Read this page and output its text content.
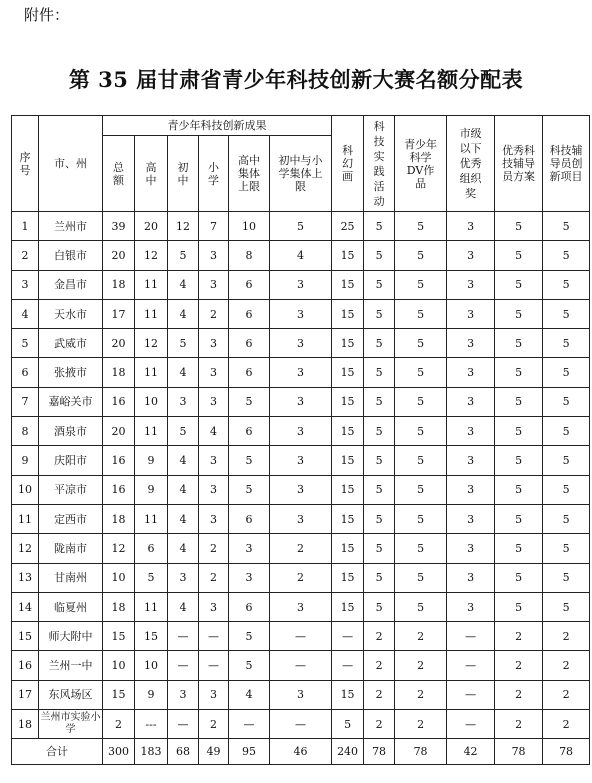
附件：
第 35 届甘肃省青少年科技创新大赛名额分配表
序号	市、州	青少年科技创新成果						科幻画	科技实践活动	青少年科学DV作品	市级以下优秀组织奖	优秀科技辅导员方案	科技辅导员创新项目
		总额	高中	初中	小学	高中集体上限	初中与小学集体上限						
1	兰州市	39	20	12	7	10	5	25	5	5	3	5	5
2	白银市	20	12	5	3	8	4	15	5	5	3	5	5
3	金昌市	18	11	4	3	6	3	15	5	5	3	5	5
4	天水市	17	11	4	2	6	3	15	5	5	3	5	5
5	武威市	20	12	5	3	6	3	15	5	5	3	5	5
6	张掖市	18	11	4	3	6	3	15	5	5	3	5	5
7	嘉峪关市	16	10	3	3	5	3	15	5	5	3	5	5
8	酒泉市	20	11	5	4	6	3	15	5	5	3	5	5
9	庆阳市	16	9	4	3	5	3	15	5	5	3	5	5
10	平凉市	16	9	4	3	5	3	15	5	5	3	5	5
11	定西市	18	11	4	3	6	3	15	5	5	3	5	5
12	陇南市	12	6	4	2	3	2	15	5	5	3	5	5
13	甘南州	10	5	3	2	3	2	15	5	5	3	5	5
14	临夏州	18	11	4	3	6	3	15	5	5	3	5	5
15	师大附中	15	15	—	—	5	—	—	2	2	—	2	2
16	兰州一中	10	10	—	—	5	—	—	2	2	—	2	2
17	东风场区	15	9	3	3	4	3	15	2	2	—	2	2
18	兰州市实验小学	2	---	—	2	—	—	5	2	2	—	2	2
合计		300	183	68	49	95	46	240	78	78	42	78	78
